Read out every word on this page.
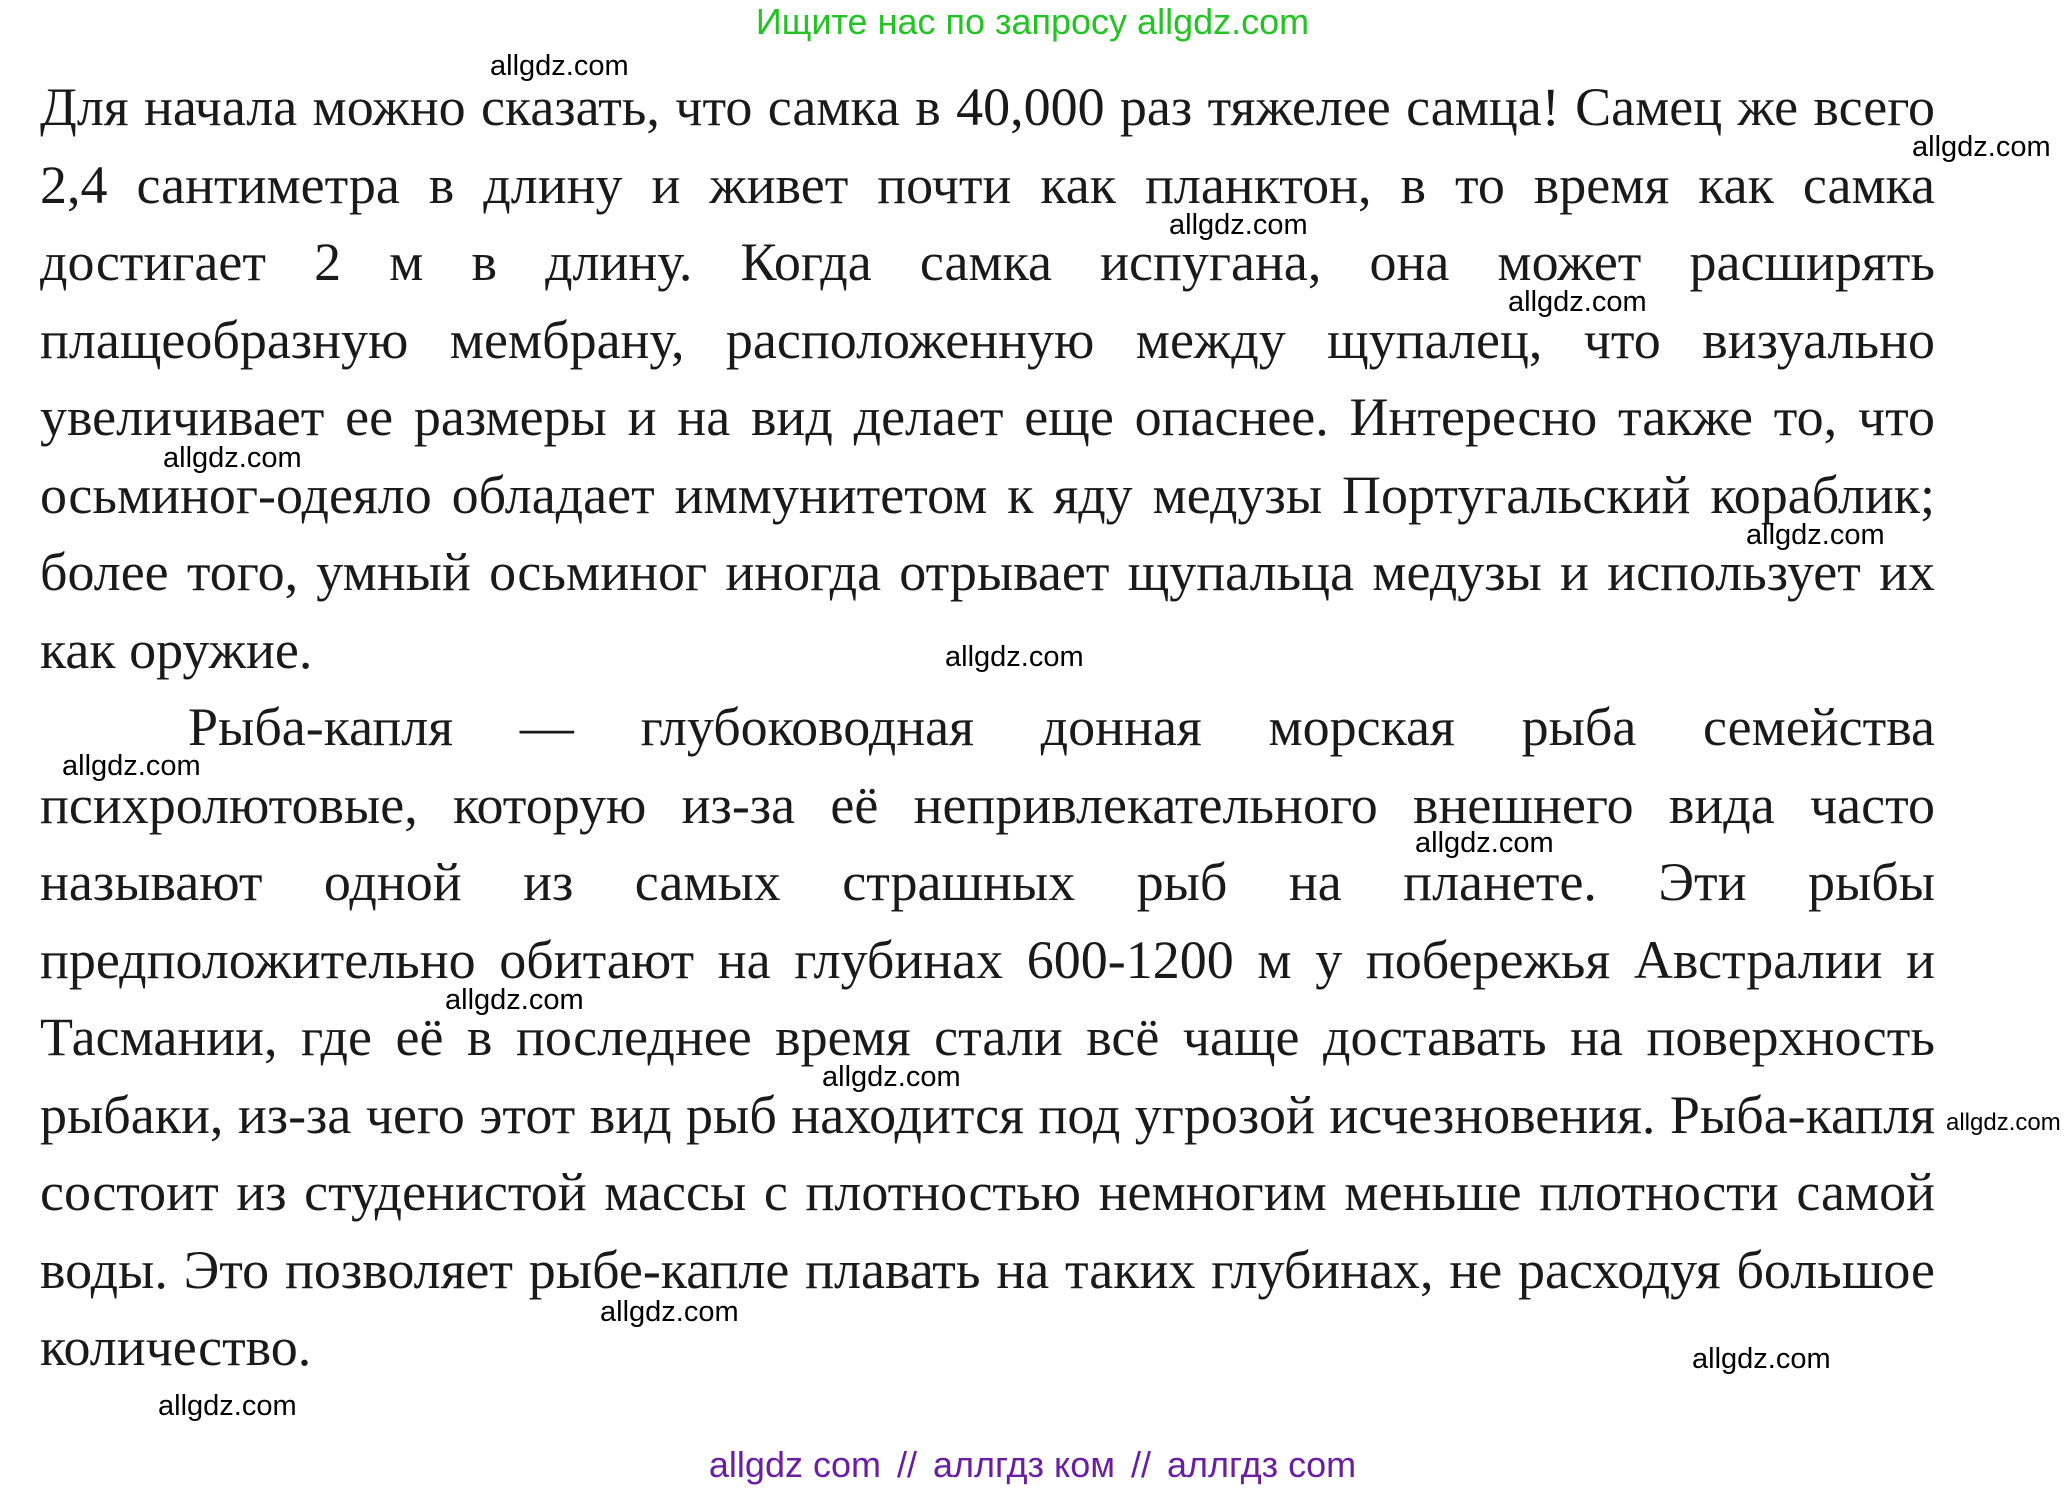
Ищите нас по запросу allgdz.com

Для начала можно сказать, что самка в 40,000 раз тяжелее самца! Самец же всего 2,4 сантиметра в длину и живет почти как планктон, в то время как самка достигает 2 м в длину. Когда самка испугана, она может расширять плащеобразную мембрану, расположенную между щупалец, что визуально увеличивает ее размеры и на вид делает еще опаснее. Интересно также то, что осьминог-одеяло обладает иммунитетом к яду медузы Португальский кораблик; более того, умный осьминог иногда отрывает щупальца медузы и использует их как оружие.

Рыба-капля — глубоководная донная морская рыба семейства психролютовые, которую из-за её непривлекательного внешнего вида часто называют одной из самых страшных рыб на планете. Эти рыбы предположительно обитают на глубинах 600-1200 м у побережья Австралии и Тасмании, где её в последнее время стали всё чаще доставать на поверхность рыбаки, из-за чего этот вид рыб находится под угрозой исчезновения. Рыба-капля состоит из студенистой массы с плотностью немногим меньше плотности самой воды. Это позволяет рыбе-капле плавать на таких глубинах, не расходуя большое количество.

allgdz.com
allgdz.com
allgdz.com
allgdz.com
allgdz.com
allgdz.com
allgdz.com
allgdz.com
allgdz.com
allgdz.com
allgdz.com
allgdz.com
allgdz.com
allgdz.com
allgdz.com
allgdz com // аллгдз ком // аллгдз com
